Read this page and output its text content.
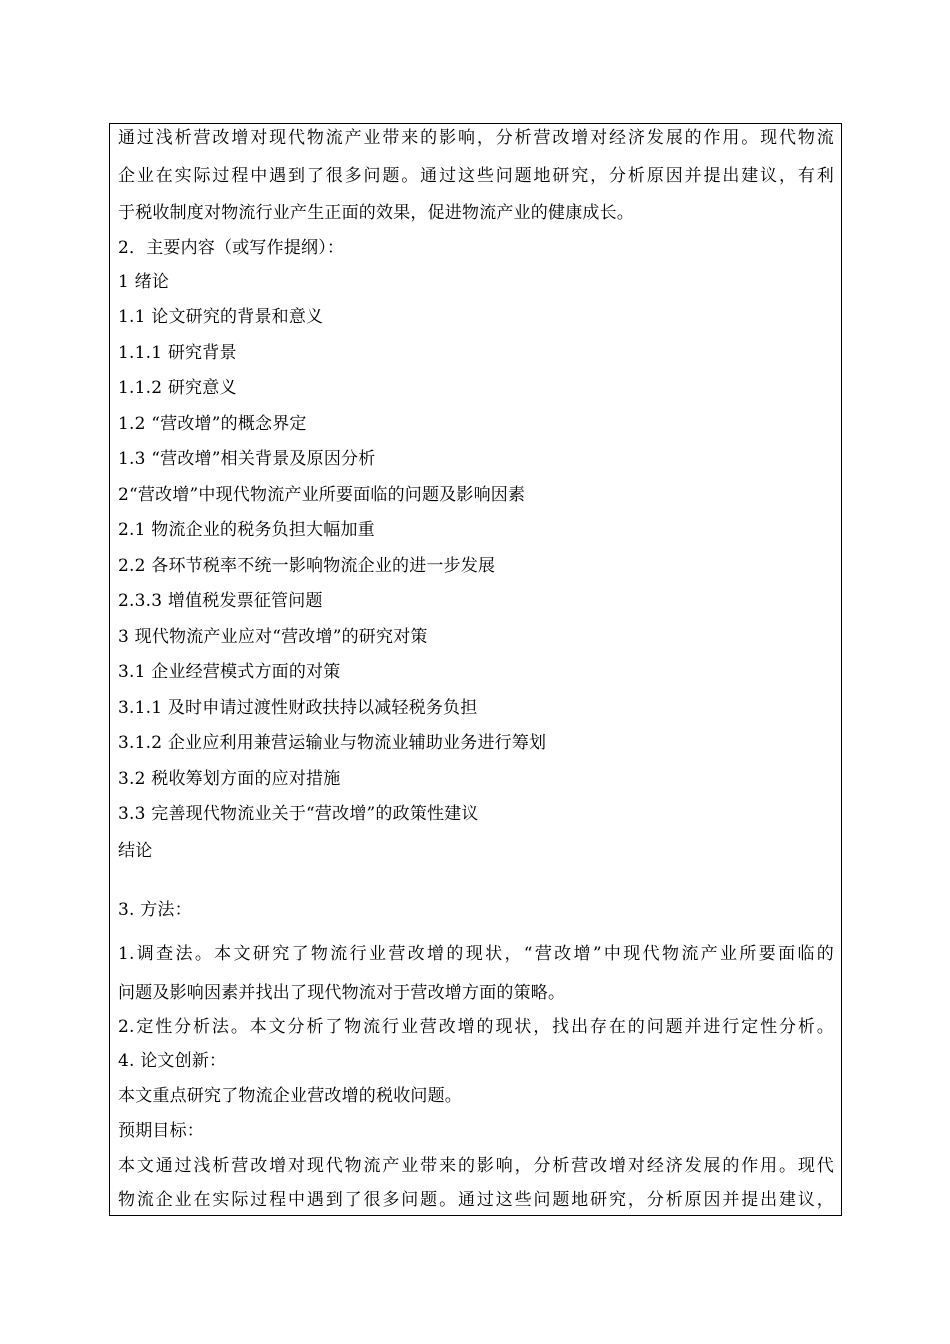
通过浅析营改增对现代物流产业带来的影响，分析营改增对经济发展的作用。现代物流
企业在实际过程中遇到了很多问题。通过这些问题地研究，分析原因并提出建议，有利
于税收制度对物流行业产生正面的效果，促进物流产业的健康成长。
2．主要内容（或写作提纲）：
1 绪论
1.1 论文研究的背景和意义
1.1.1 研究背景
1.1.2 研究意义
1.2 “营改增”的概念界定
1.3 “营改增”相关背景及原因分析
2“营改增”中现代物流产业所要面临的问题及影响因素
2.1 物流企业的税务负担大幅加重
2.2 各环节税率不统一影响物流企业的进一步发展
2.3.3 增值税发票征管问题
3 现代物流产业应对“营改增”的研究对策
3.1 企业经营模式方面的对策
3.1.1 及时申请过渡性财政扶持以减轻税务负担
3.1.2 企业应利用兼营运输业与物流业辅助业务进行筹划
3.2 税收筹划方面的应对措施
3.3 完善现代物流业关于“营改增”的政策性建议
结论
3. 方法：
1.调查法。本文研究了物流行业营改增的现状，“营改增”中现代物流产业所要面临的
问题及影响因素并找出了现代物流对于营改增方面的策略。
2.定性分析法。本文分析了物流行业营改增的现状，找出存在的问题并进行定性分析。
4. 论文创新：
本文重点研究了物流企业营改增的税收问题。
预期目标：
本文通过浅析营改增对现代物流产业带来的影响，分析营改增对经济发展的作用。现代
物流企业在实际过程中遇到了很多问题。通过这些问题地研究，分析原因并提出建议，
